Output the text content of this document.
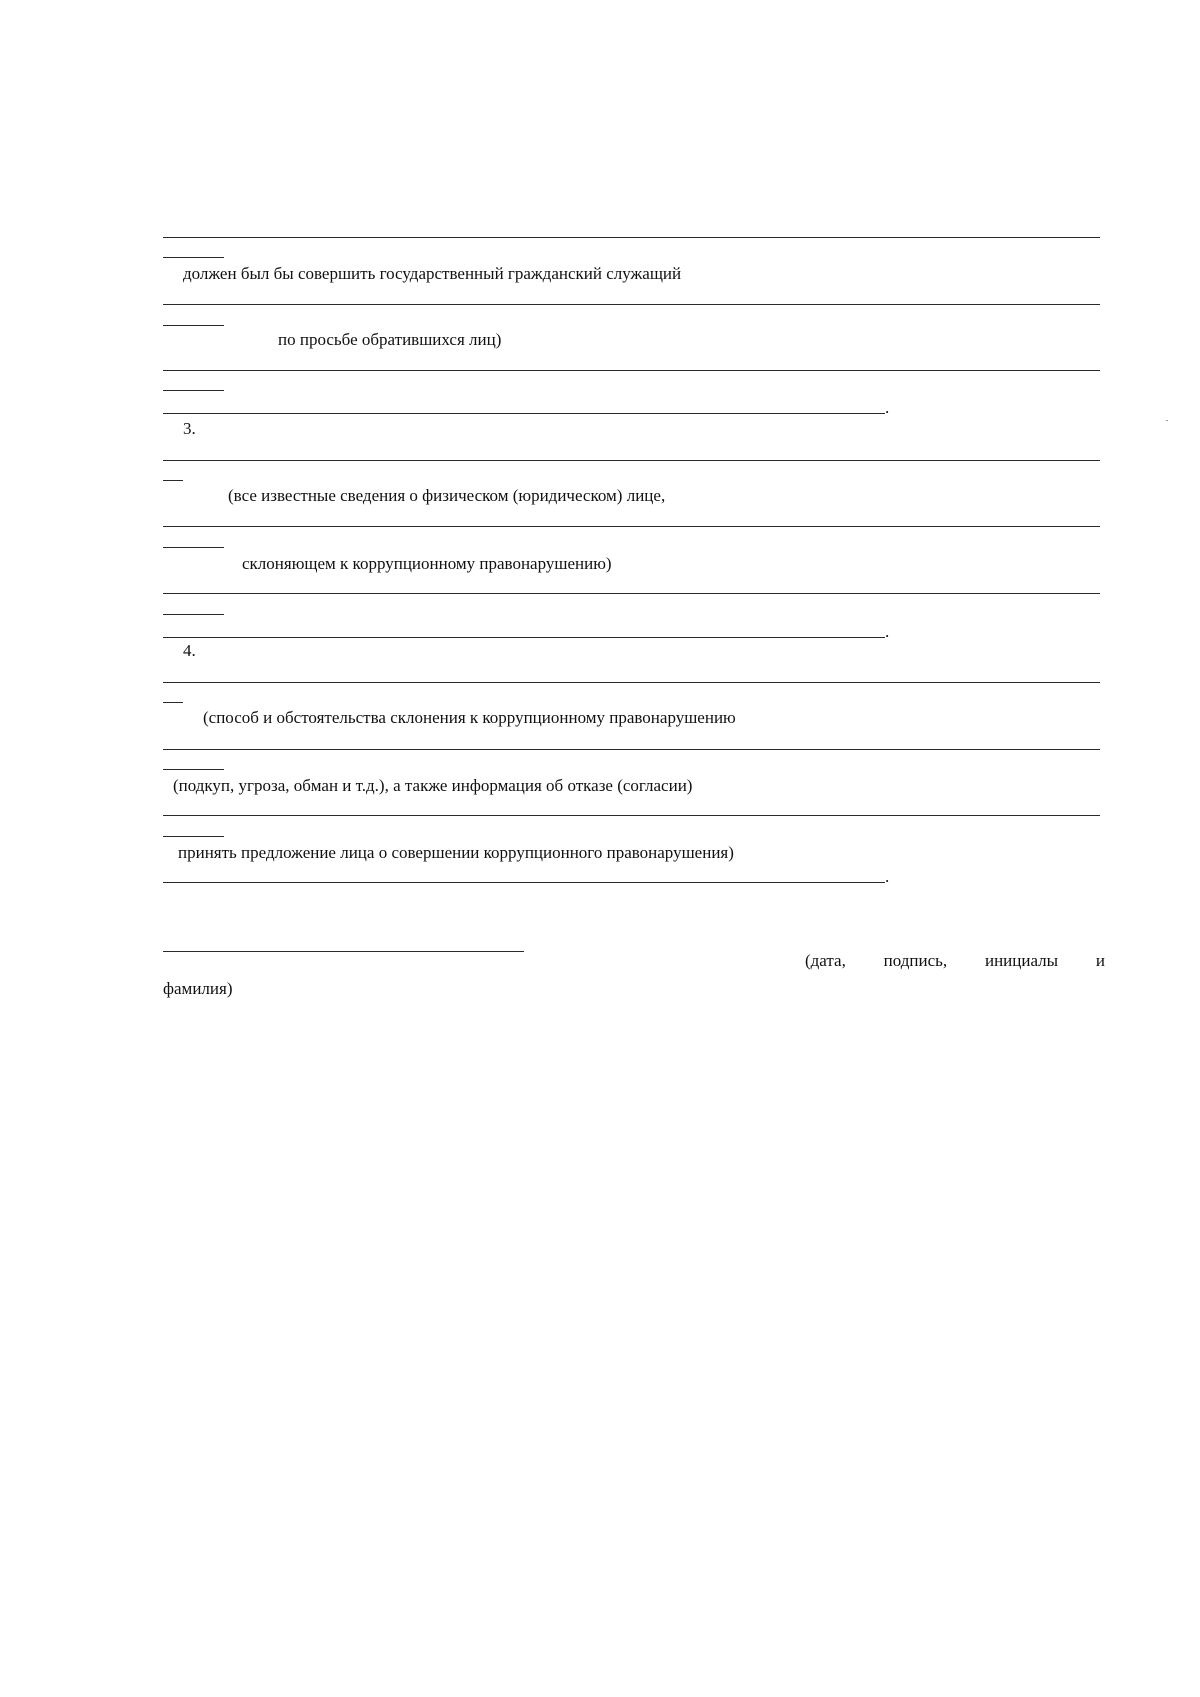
должен был бы совершить государственный гражданский служащий
по просьбе обратившихся лиц)
.
3.
(все известные сведения о физическом (юридическом) лице,
склоняющем к коррупционному правонарушению)
.
4.
(способ и обстоятельства склонения к коррупционному правонарушению
(подкуп, угроза, обман и т.д.), а также информация об отказе (согласии)
принять предложение лица о совершении коррупционного правонарушения)
.
(дата, подпись, инициалы и
фамилия)
